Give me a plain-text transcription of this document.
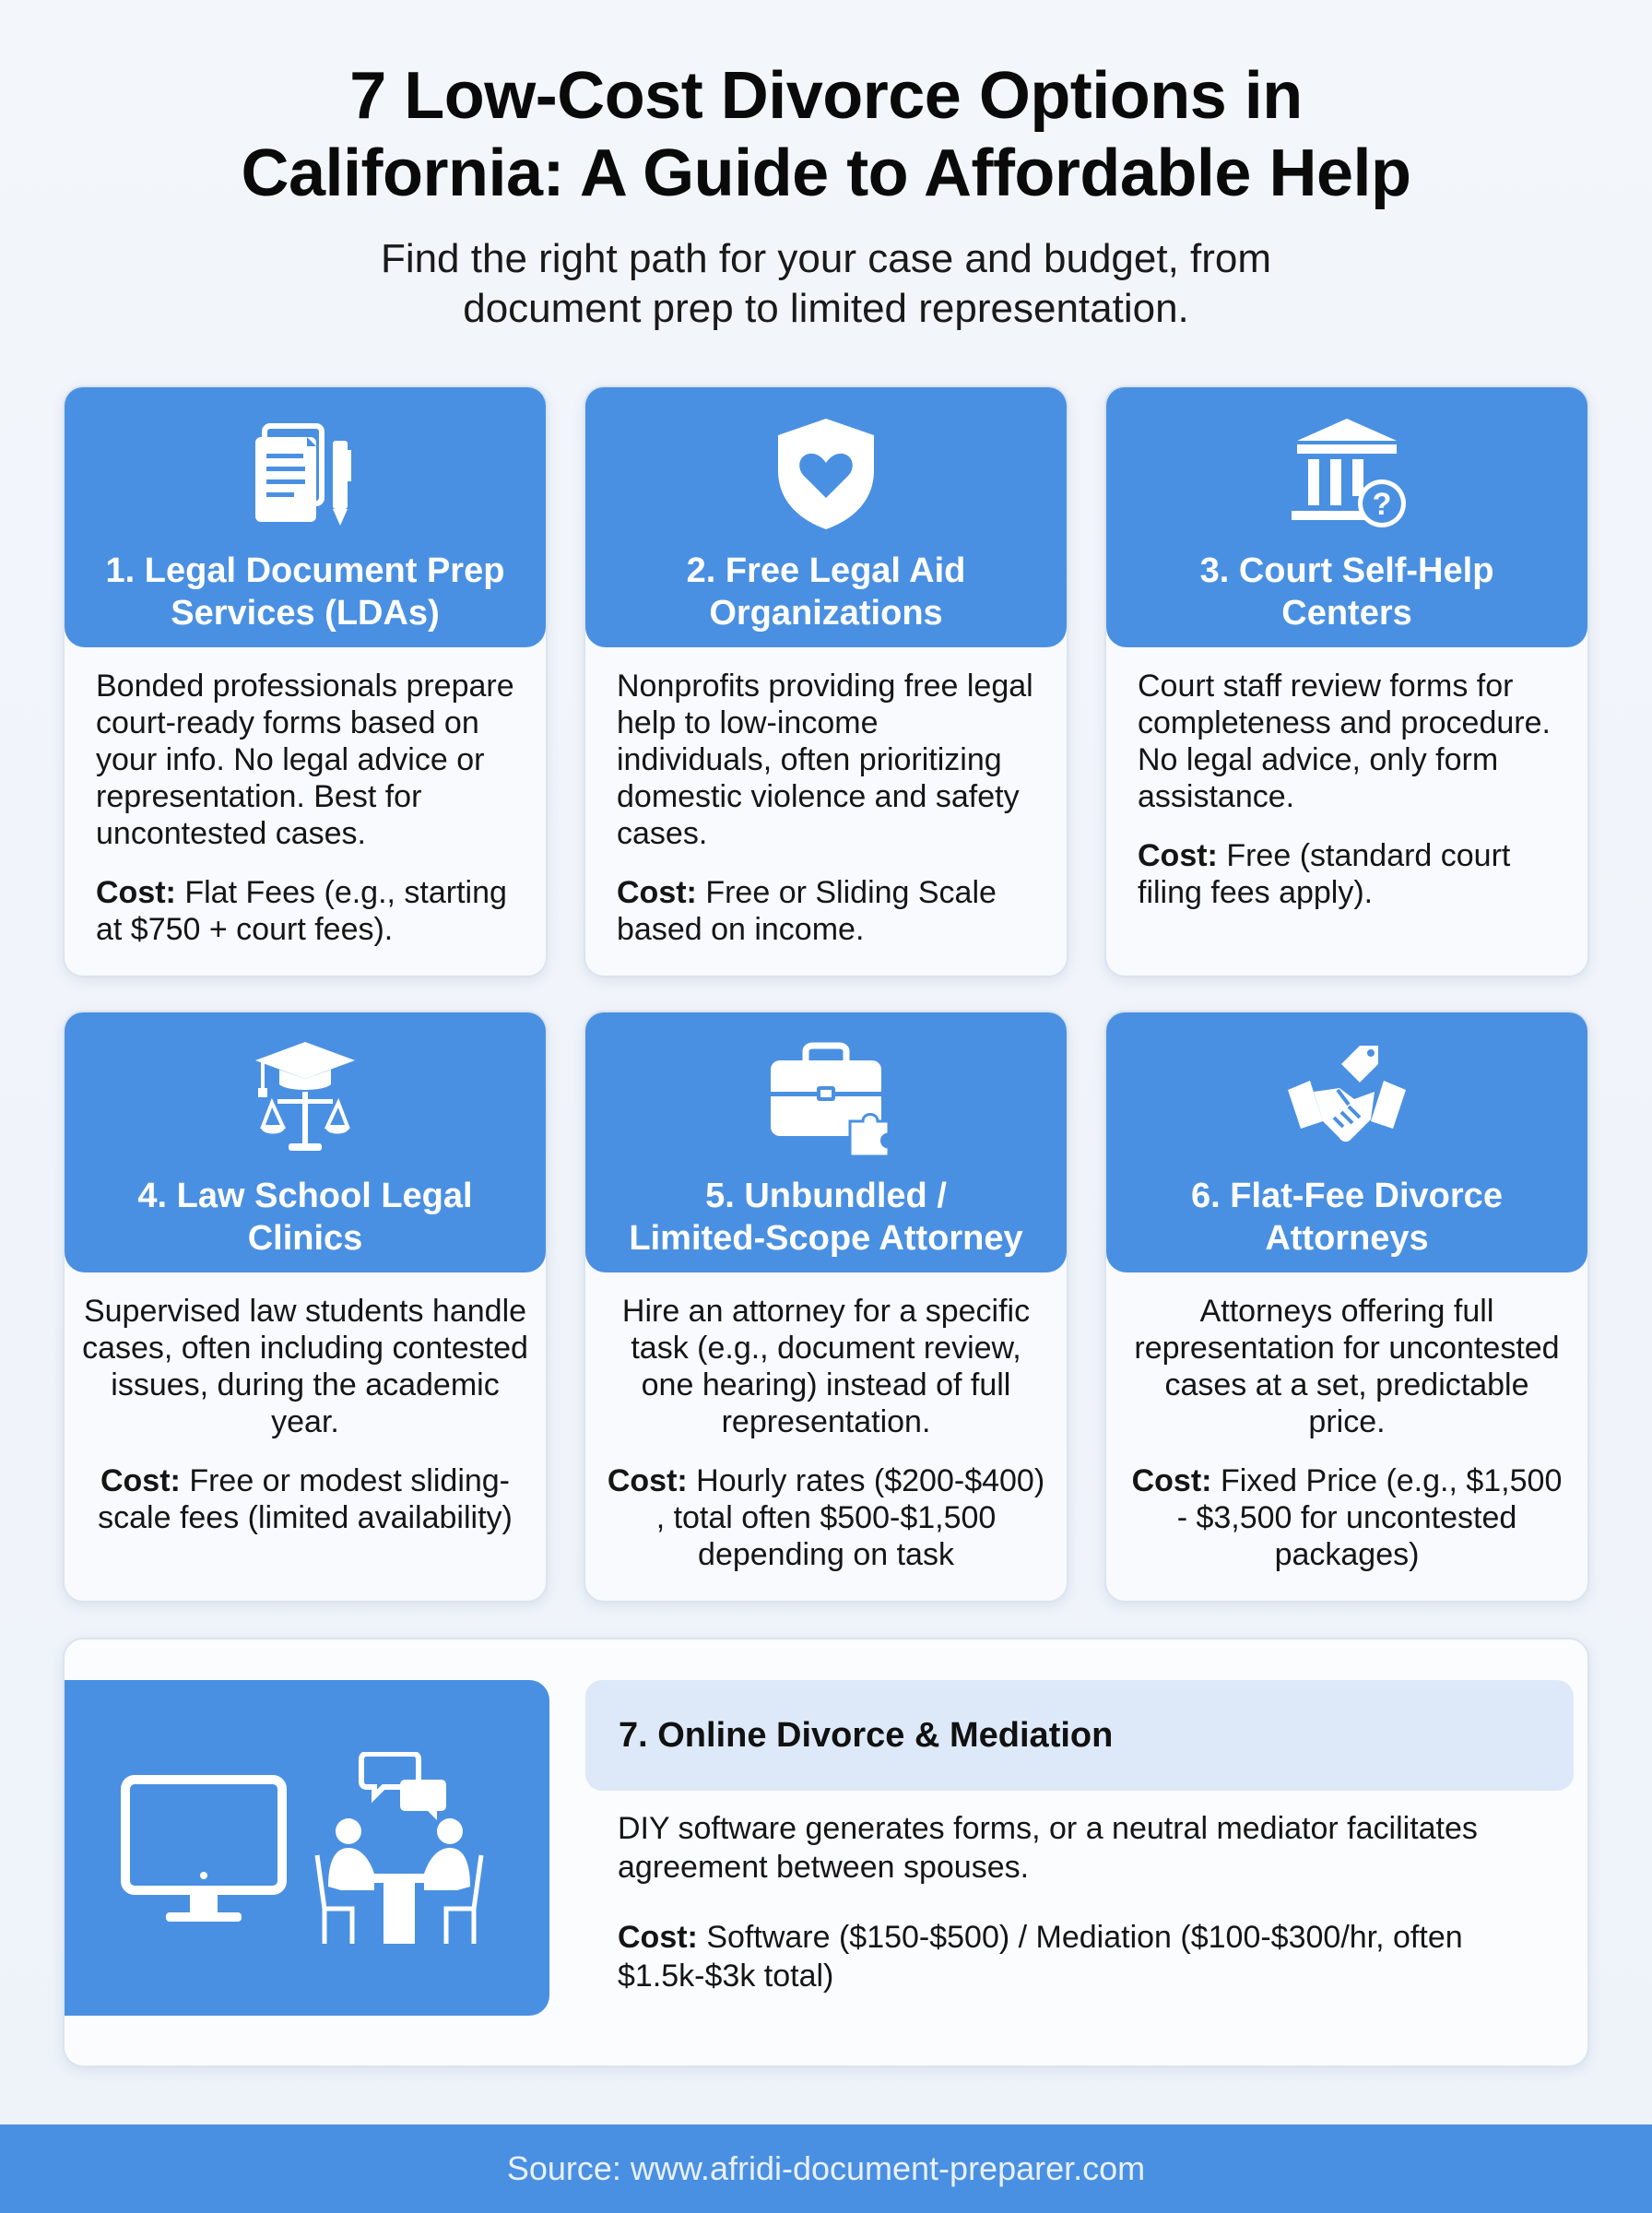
7 Low-Cost Divorce Options in
California: A Guide to Affordable Help
Find the right path for your case and budget, from
document prep to limited representation.
1. Legal Document Prep
Services (LDAs)
Bonded professionals prepare court-ready forms based on your info. No legal advice or representation. Best for uncontested cases.
Cost: Flat Fees (e.g., starting at $750 + court fees).
2. Free Legal Aid
Organizations
Nonprofits providing free legal help to low-income individuals, often prioritizing domestic violence and safety cases.
Cost: Free or Sliding Scale based on income.
?
3. Court Self-Help
Centers
Court staff review forms for completeness and procedure. No legal advice, only form assistance.
Cost: Free (standard court filing fees apply).
4. Law School Legal
Clinics
Supervised law students handle cases, often including contested issues, during the academic year.
Cost: Free or modest sliding-scale fees (limited availability)
5. Unbundled /
Limited-Scope Attorney
Hire an attorney for a specific task (e.g., document review, one hearing) instead of full representation.
Cost: Hourly rates ($200-$400) , total often $500-$1,500 depending on task
6. Flat-Fee Divorce
Attorneys
Attorneys offering full representation for uncontested cases at a set, predictable price.
Cost: Fixed Price (e.g., $1,500 - $3,500 for uncontested packages)
7. Online Divorce & Mediation
DIY software generates forms, or a neutral mediator facilitates agreement between spouses.
Cost: Software ($150-$500) / Mediation ($100-$300/hr, often $1.5k-$3k total)
Source: www.afridi-document-preparer.com
